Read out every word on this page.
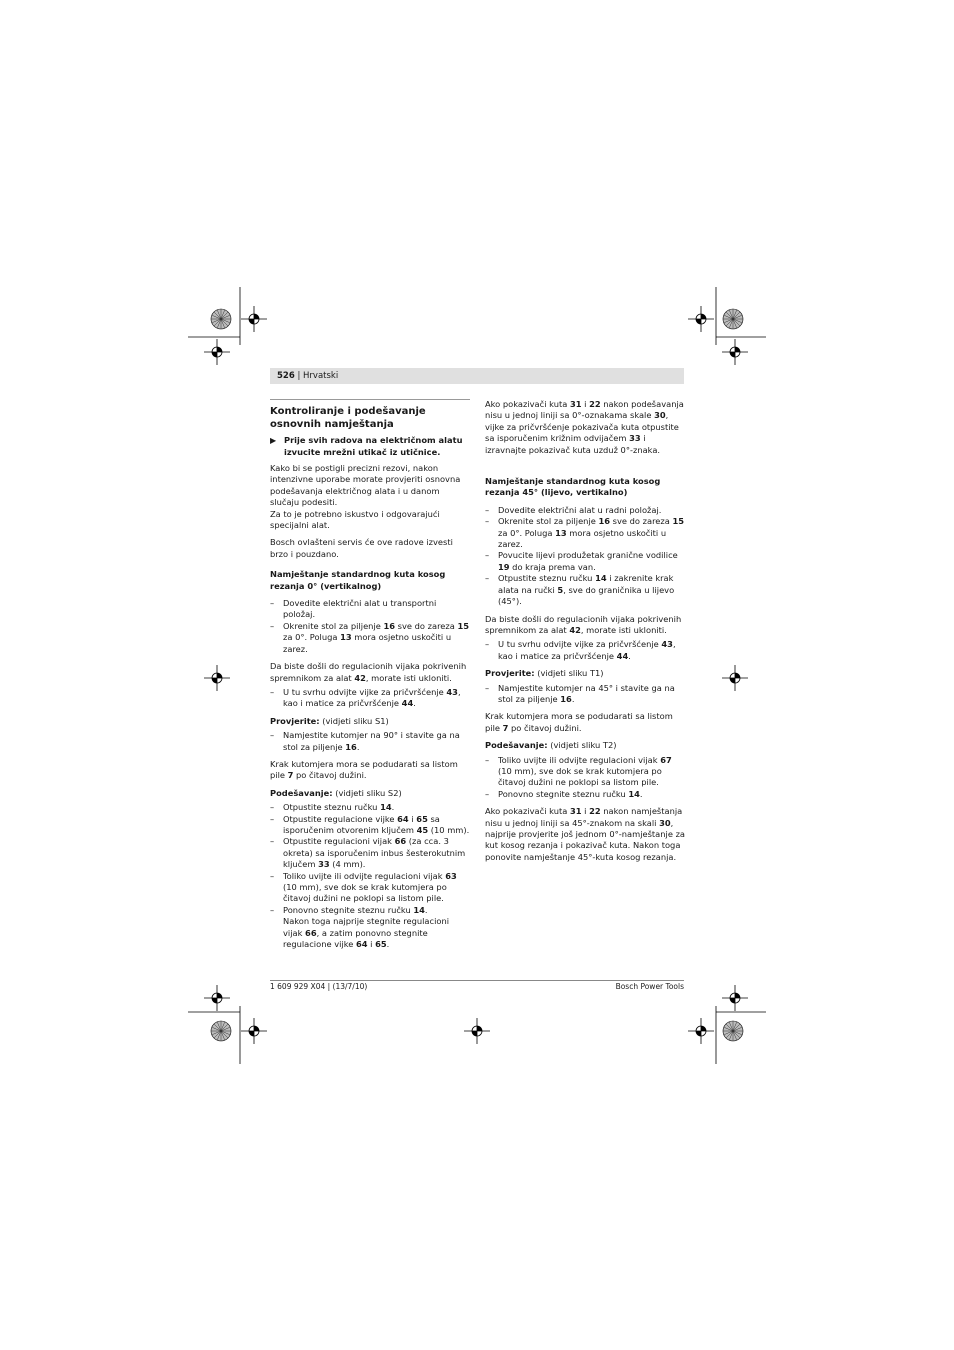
526 | Hrvatski
Kontroliranje i podešavanje osnovnih namještanja
▶ Prije svih radova na električnom alatu izvucite mrežni utikač iz utičnice.

Kako bi se postigli precizni rezovi, nakon intenzivne uporabe morate provjeriti osnovna podešavanja električnog alata i u danom slučaju podesiti.

Za to je potrebno iskustvo i odgovarajući specijalni alat.

Bosch ovlašteni servis će ove radove izvesti brzo i pouzdano.

Namještanje standardnog kuta kosog rezanja 0° (vertikalnog)
– Dovedite električni alat u transportni položaj.
– Okrenite stol za piljenje 16 sve do zareza 15 za 0°. Poluga 13 mora osjetno uskočiti u zarez.

Da biste došli do regulacionih vijaka pokrivenih spremnikom za alat 42, morate isti ukloniti.

– U tu svrhu odvijte vijke za pričvršćenje 43, kao i matice za pričvršćenje 44.

Provjerite: (vidjeti sliku S1)

– Namjestite kutomjer na 90° i stavite ga na stol za piljenje 16.

Krak kutomjera mora se podudarati sa listom pile 7 po čitavoj dužini.

Podešavanje: (vidjeti sliku S2)

– Otpustite steznu ručku 14.
– Otpustite regulacione vijke 64 i 65 sa isporučenim otvorenim ključem 45 (10 mm).
– Otpustite regulacioni vijak 66 (za cca. 3 okreta) sa isporučenim inbus šesterokutnim ključem 33 (4 mm).
– Toliko uvijte ili odvijte regulacioni vijak 63 (10 mm), sve dok se krak kutomjera po čitavoj dužini ne poklopi sa listom pile.
– Ponovno stegnite steznu ručku 14.
Nakon toga najprije stegnite regulacioni vijak 66, a zatim ponovno stegnite regulacione vijke 64 i 65.

Ako pokazivači kuta 31 i 22 nakon podešavanja nisu u jednoj liniji sa 0°-oznakama skale 30, vijke za pričvršćenje pokazivača kuta otpustite sa isporučenim križnim odvijačem 33 i izravnajte pokazivač kuta uzduž 0°-znaka.

Namještanje standardnog kuta kosog rezanja 45° (lijevo, vertikalno)
– Dovedite električni alat u radni položaj.
– Okrenite stol za piljenje 16 sve do zareza 15 za 0°. Poluga 13 mora osjetno uskočiti u zarez.
– Povucite lijevi produžetak granične vodilice 19 do kraja prema van.
– Otpustite steznu ručku 14 i zakrenite krak alata na ručki 5, sve do graničnika u lijevo (45°).

Da biste došli do regulacionih vijaka pokrivenih spremnikom za alat 42, morate isti ukloniti.

– U tu svrhu odvijte vijke za pričvršćenje 43, kao i matice za pričvršćenje 44.

Provjerite: (vidjeti sliku T1)

– Namjestite kutomjer na 45° i stavite ga na stol za piljenje 16.

Krak kutomjera mora se podudarati sa listom pile 7 po čitavoj dužini.

Podešavanje: (vidjeti sliku T2)

– Toliko uvijte ili odvijte regulacioni vijak 67 (10 mm), sve dok se krak kutomjera po čitavoj dužini ne poklopi sa listom pile.
– Ponovno stegnite steznu ručku 14.

Ako pokazivači kuta 31 i 22 nakon namještanja nisu u jednoj liniji sa 45°-znakom na skali 30, najprije provjerite još jednom 0°-namještanje za kut kosog rezanja i pokazivač kuta. Nakon toga ponovite namještanje 45°-kuta kosog rezanja.

1 609 929 X04 | (13/7/10)	Bosch Power Tools
